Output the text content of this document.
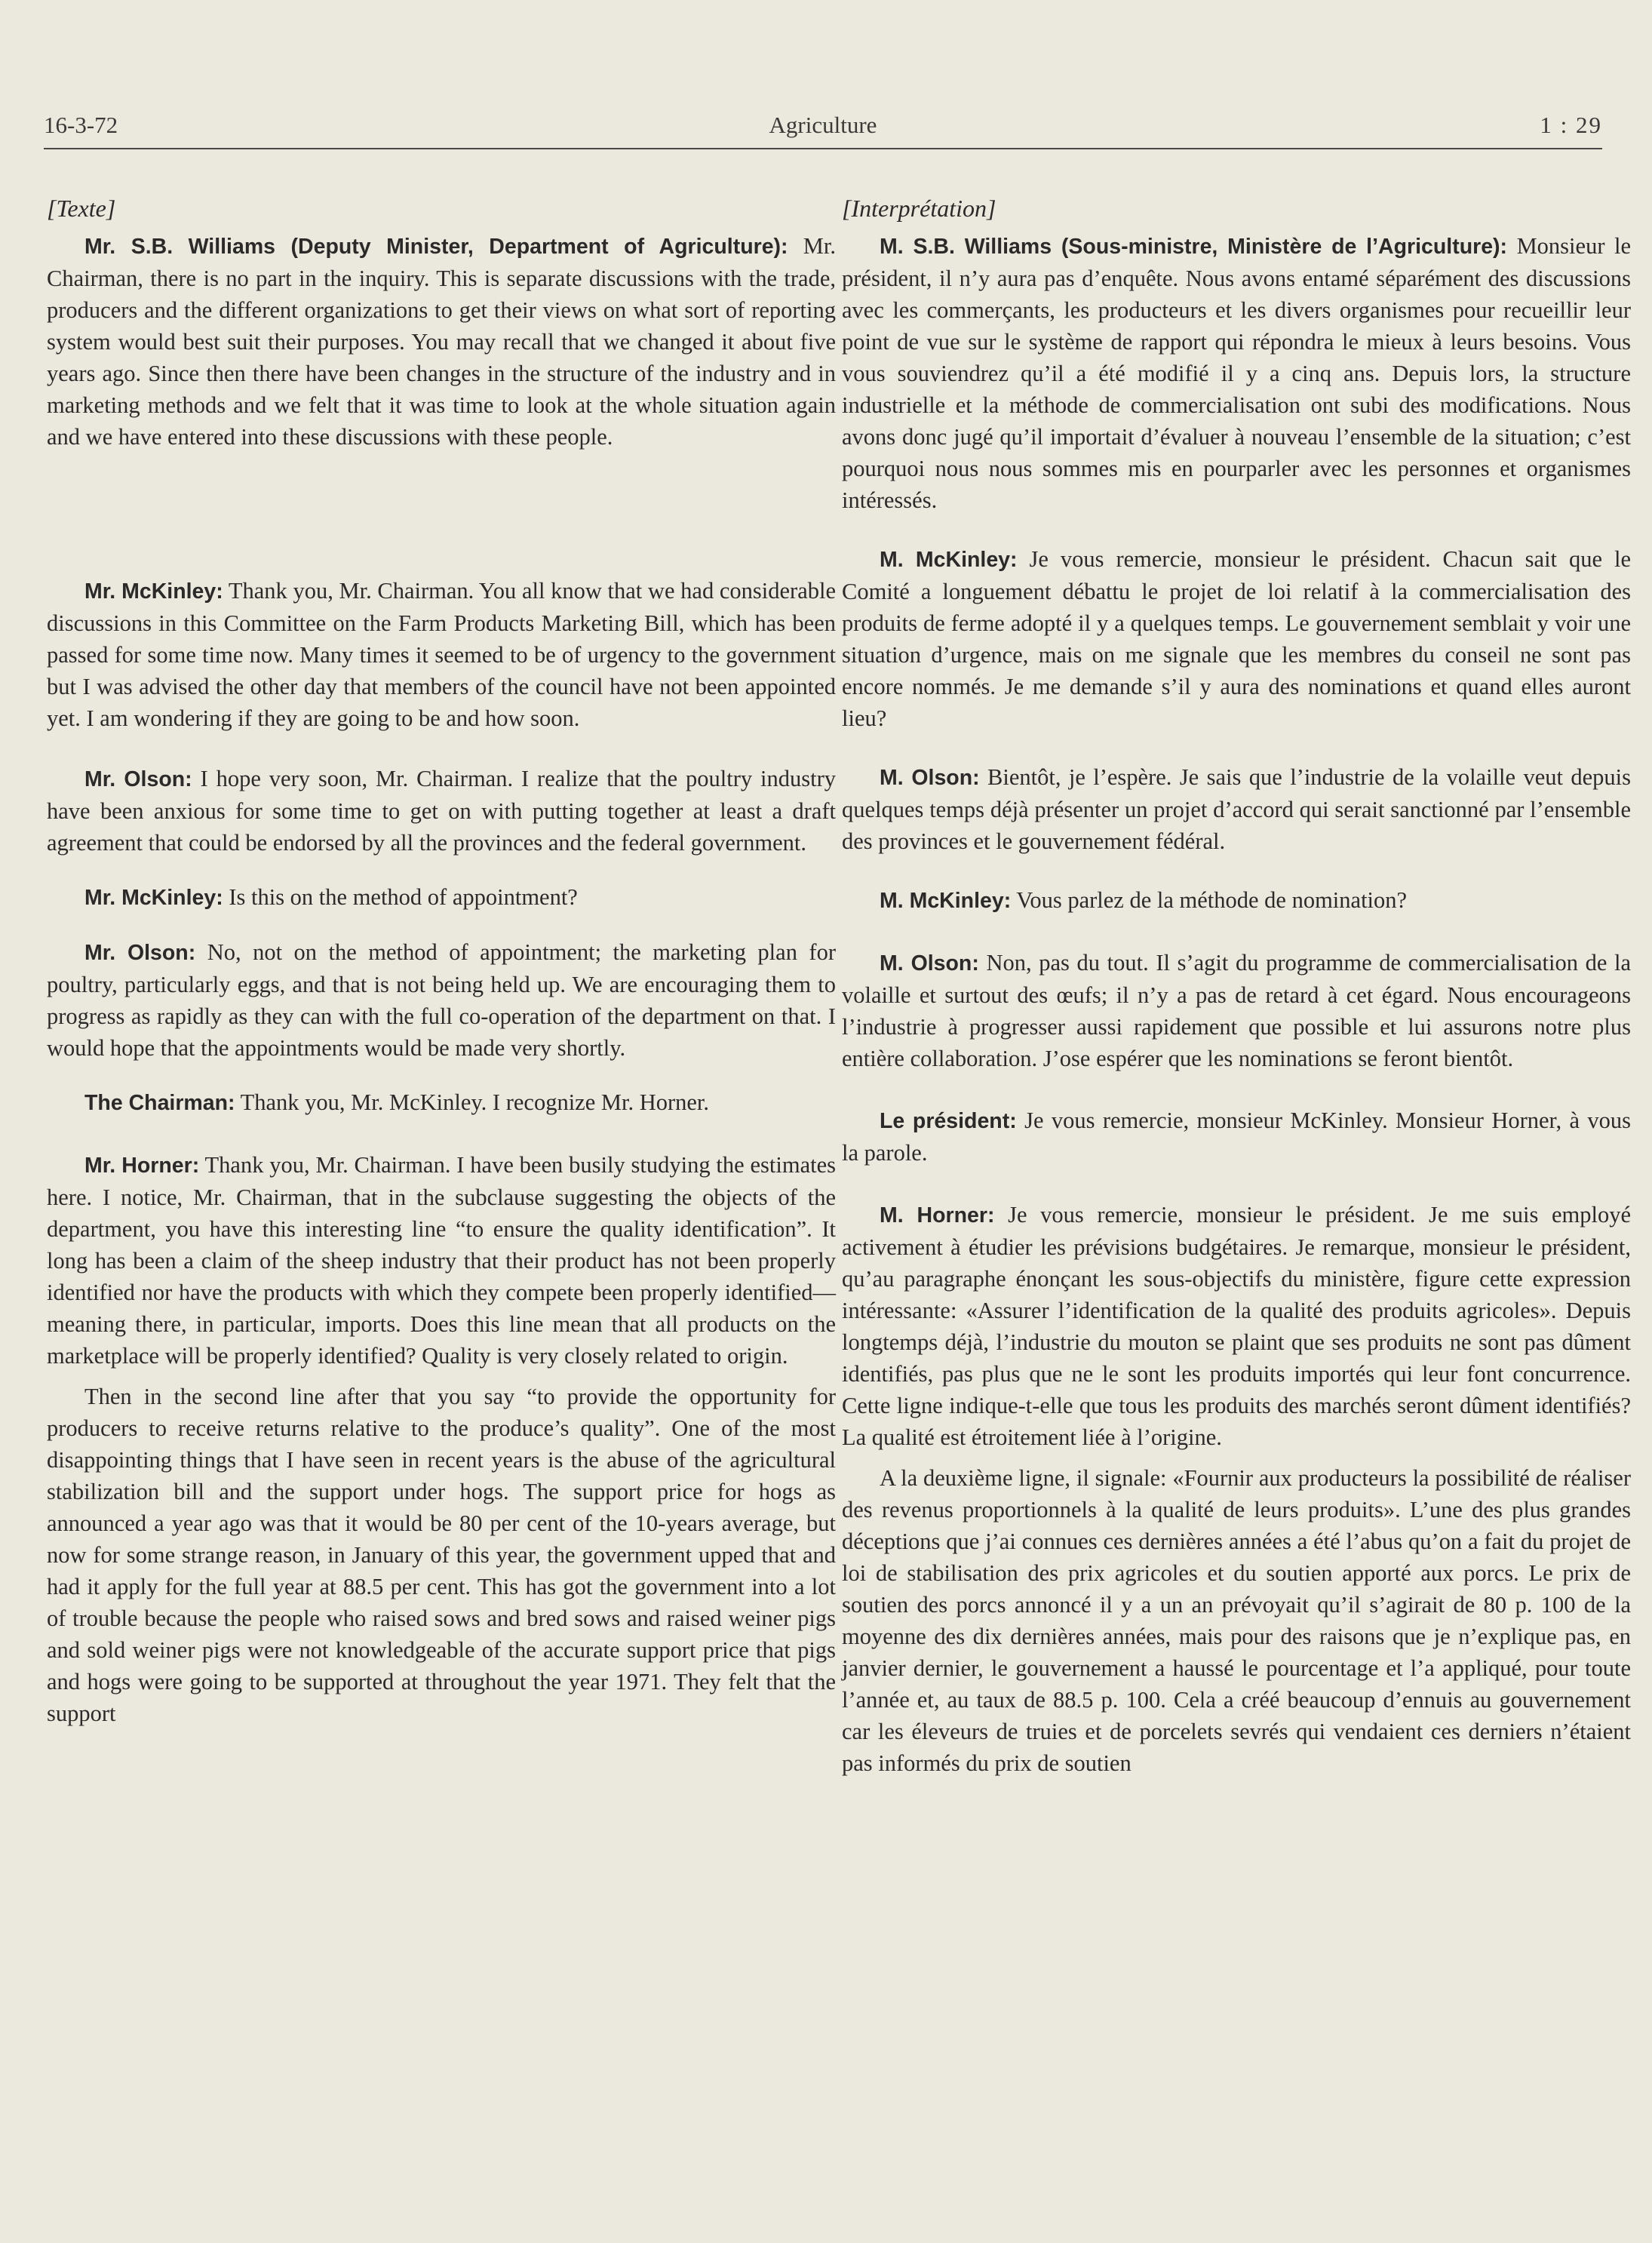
16-3-72	Agriculture	1 : 29
[Texte]

Mr. S.B. Williams (Deputy Minister, Department of Agriculture): Mr. Chairman, there is no part in the inquiry. This is separate discussions with the trade, producers and the different organizations to get their views on what sort of reporting system would best suit their purposes. You may recall that we changed it about five years ago. Since then there have been changes in the structure of the industry and in marketing methods and we felt that it was time to look at the whole situation again and we have entered into these discussions with these people.

Mr. McKinley: Thank you, Mr. Chairman. You all know that we had considerable discussions in this Committee on the Farm Products Marketing Bill, which has been passed for some time now. Many times it seemed to be of urgency to the government but I was advised the other day that members of the council have not been appointed yet. I am wondering if they are going to be and how soon.

Mr. Olson: I hope very soon, Mr. Chairman. I realize that the poultry industry have been anxious for some time to get on with putting together at least a draft agreement that could be endorsed by all the provinces and the federal government.

Mr. McKinley: Is this on the method of appointment?

Mr. Olson: No, not on the method of appointment; the marketing plan for poultry, particularly eggs, and that is not being held up. We are encouraging them to progress as rapidly as they can with the full co-operation of the department on that. I would hope that the appointments would be made very shortly.

The Chairman: Thank you, Mr. McKinley. I recognize Mr. Horner.

Mr. Horner: Thank you, Mr. Chairman. I have been busily studying the estimates here. I notice, Mr. Chairman, that in the subclause suggesting the objects of the department, you have this interesting line “to ensure the quality identification”. It long has been a claim of the sheep industry that their product has not been properly identified nor have the products with which they compete been properly identified—meaning there, in particular, imports. Does this line mean that all products on the marketplace will be properly identified? Quality is very closely related to origin.

Then in the second line after that you say “to provide the opportunity for producers to receive returns relative to the produce’s quality”. One of the most disappointing things that I have seen in recent years is the abuse of the agricultural stabilization bill and the support under hogs. The support price for hogs as announced a year ago was that it would be 80 per cent of the 10-years average, but now for some strange reason, in January of this year, the government upped that and had it apply for the full year at 88.5 per cent. This has got the government into a lot of trouble because the people who raised sows and bred sows and raised weiner pigs and sold weiner pigs were not knowledgeable of the accurate support price that pigs and hogs were going to be supported at throughout the year 1971. They felt that the support

[Interprétation]

M. S.B. Williams (Sous-ministre, Ministère de l’Agriculture): Monsieur le président, il n’y aura pas d’enquête. Nous avons entamé séparément des discussions avec les commerçants, les producteurs et les divers organismes pour recueillir leur point de vue sur le système de rapport qui répondra le mieux à leurs besoins. Vous vous souviendrez qu’il a été modifié il y a cinq ans. Depuis lors, la structure industrielle et la méthode de commercialisation ont subi des modifications. Nous avons donc jugé qu’il importait d’évaluer à nouveau l’ensemble de la situation; c’est pourquoi nous nous sommes mis en pourparler avec les personnes et organismes intéressés.

M. McKinley: Je vous remercie, monsieur le président. Chacun sait que le Comité a longuement débattu le projet de loi relatif à la commercialisation des produits de ferme adopté il y a quelques temps. Le gouvernement semblait y voir une situation d’urgence, mais on me signale que les membres du conseil ne sont pas encore nommés. Je me demande s’il y aura des nominations et quand elles auront lieu?

M. Olson: Bientôt, je l’espère. Je sais que l’industrie de la volaille veut depuis quelques temps déjà présenter un projet d’accord qui serait sanctionné par l’ensemble des provinces et le gouvernement fédéral.

M. McKinley: Vous parlez de la méthode de nomination?

M. Olson: Non, pas du tout. Il s’agit du programme de commercialisation de la volaille et surtout des œufs; il n’y a pas de retard à cet égard. Nous encourageons l’industrie à progresser aussi rapidement que possible et lui assurons notre plus entière collaboration. J’ose espérer que les nominations se feront bientôt.

Le président: Je vous remercie, monsieur McKinley. Monsieur Horner, à vous la parole.

M. Horner: Je vous remercie, monsieur le président. Je me suis employé activement à étudier les prévisions budgétaires. Je remarque, monsieur le président, qu’au paragraphe énonçant les sous-objectifs du ministère, figure cette expression intéressante: «Assurer l’identification de la qualité des produits agricoles». Depuis longtemps déjà, l’industrie du mouton se plaint que ses produits ne sont pas dûment identifiés, pas plus que ne le sont les produits importés qui leur font concurrence. Cette ligne indique-t-elle que tous les produits des marchés seront dûment identifiés? La qualité est étroitement liée à l’origine.

A la deuxième ligne, il signale: «Fournir aux producteurs la possibilité de réaliser des revenus proportionnels à la qualité de leurs produits». L’une des plus grandes déceptions que j’ai connues ces dernières années a été l’abus qu’on a fait du projet de loi de stabilisation des prix agricoles et du soutien apporté aux porcs. Le prix de soutien des porcs annoncé il y a un an prévoyait qu’il s’agirait de 80 p. 100 de la moyenne des dix dernières années, mais pour des raisons que je n’explique pas, en janvier dernier, le gouvernement a haussé le pourcentage et l’a appliqué, pour toute l’année et, au taux de 88.5 p. 100. Cela a créé beaucoup d’ennuis au gouvernement car les éleveurs de truies et de porcelets sevrés qui vendaient ces derniers n’étaient pas informés du prix de soutien
